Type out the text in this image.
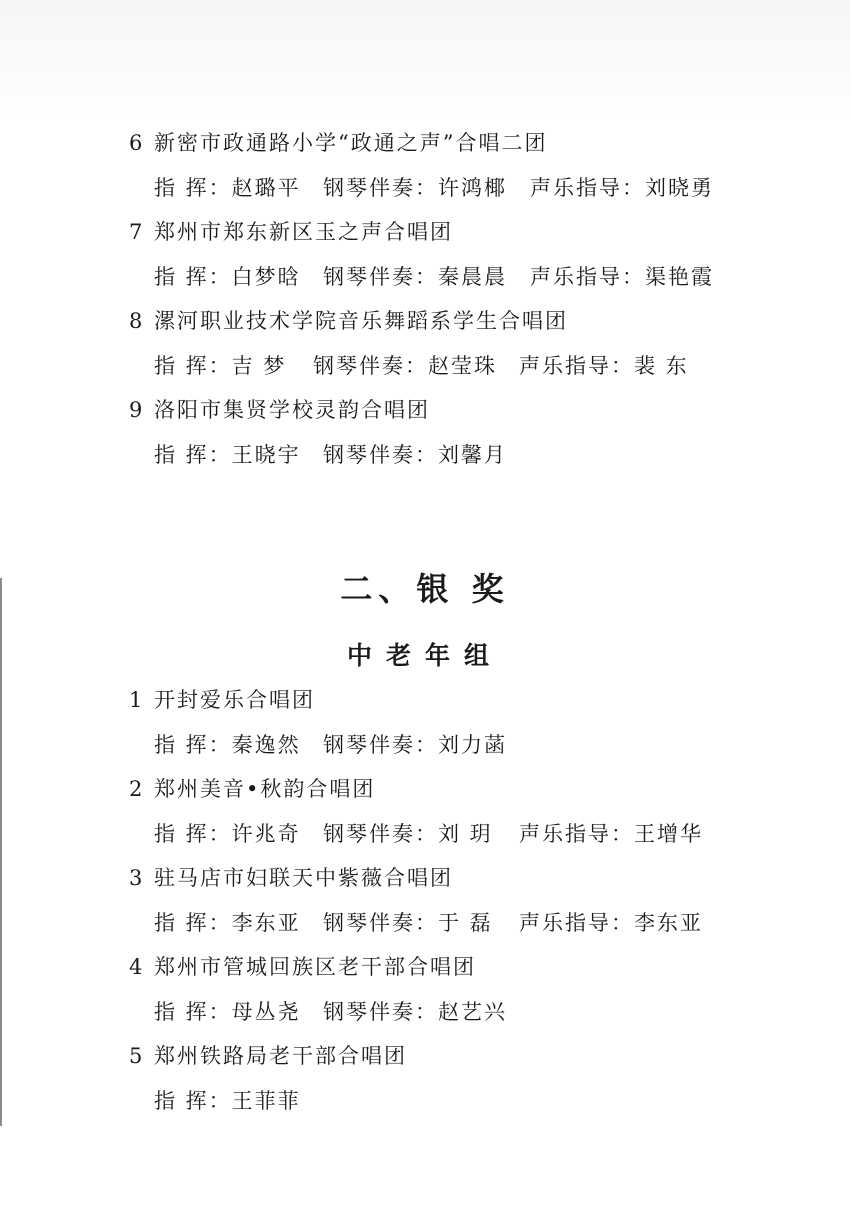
6 新密市政通路小学“政通之声”合唱二团
指 挥：赵璐平 钢琴伴奏：许鸿椰 声乐指导：刘晓勇
7 郑州市郑东新区玉之声合唱团
指 挥：白梦晗 钢琴伴奏：秦晨晨 声乐指导：渠艳霞
8 漯河职业技术学院音乐舞蹈系学生合唱团
指 挥：吉 梦 钢琴伴奏：赵莹珠 声乐指导：裴 东
9 洛阳市集贤学校灵韵合唱团
指 挥：王晓宇 钢琴伴奏：刘馨月
二、银 奖
中老年组
1 开封爱乐合唱团
指 挥：秦逸然 钢琴伴奏：刘力菡
2 郑州美音•秋韵合唱团
指 挥：许兆奇 钢琴伴奏：刘 玥 声乐指导：王增华
3 驻马店市妇联天中紫薇合唱团
指 挥：李东亚 钢琴伴奏：于 磊 声乐指导：李东亚
4 郑州市管城回族区老干部合唱团
指 挥：母丛尧 钢琴伴奏：赵艺兴
5 郑州铁路局老干部合唱团
指 挥：王菲菲
